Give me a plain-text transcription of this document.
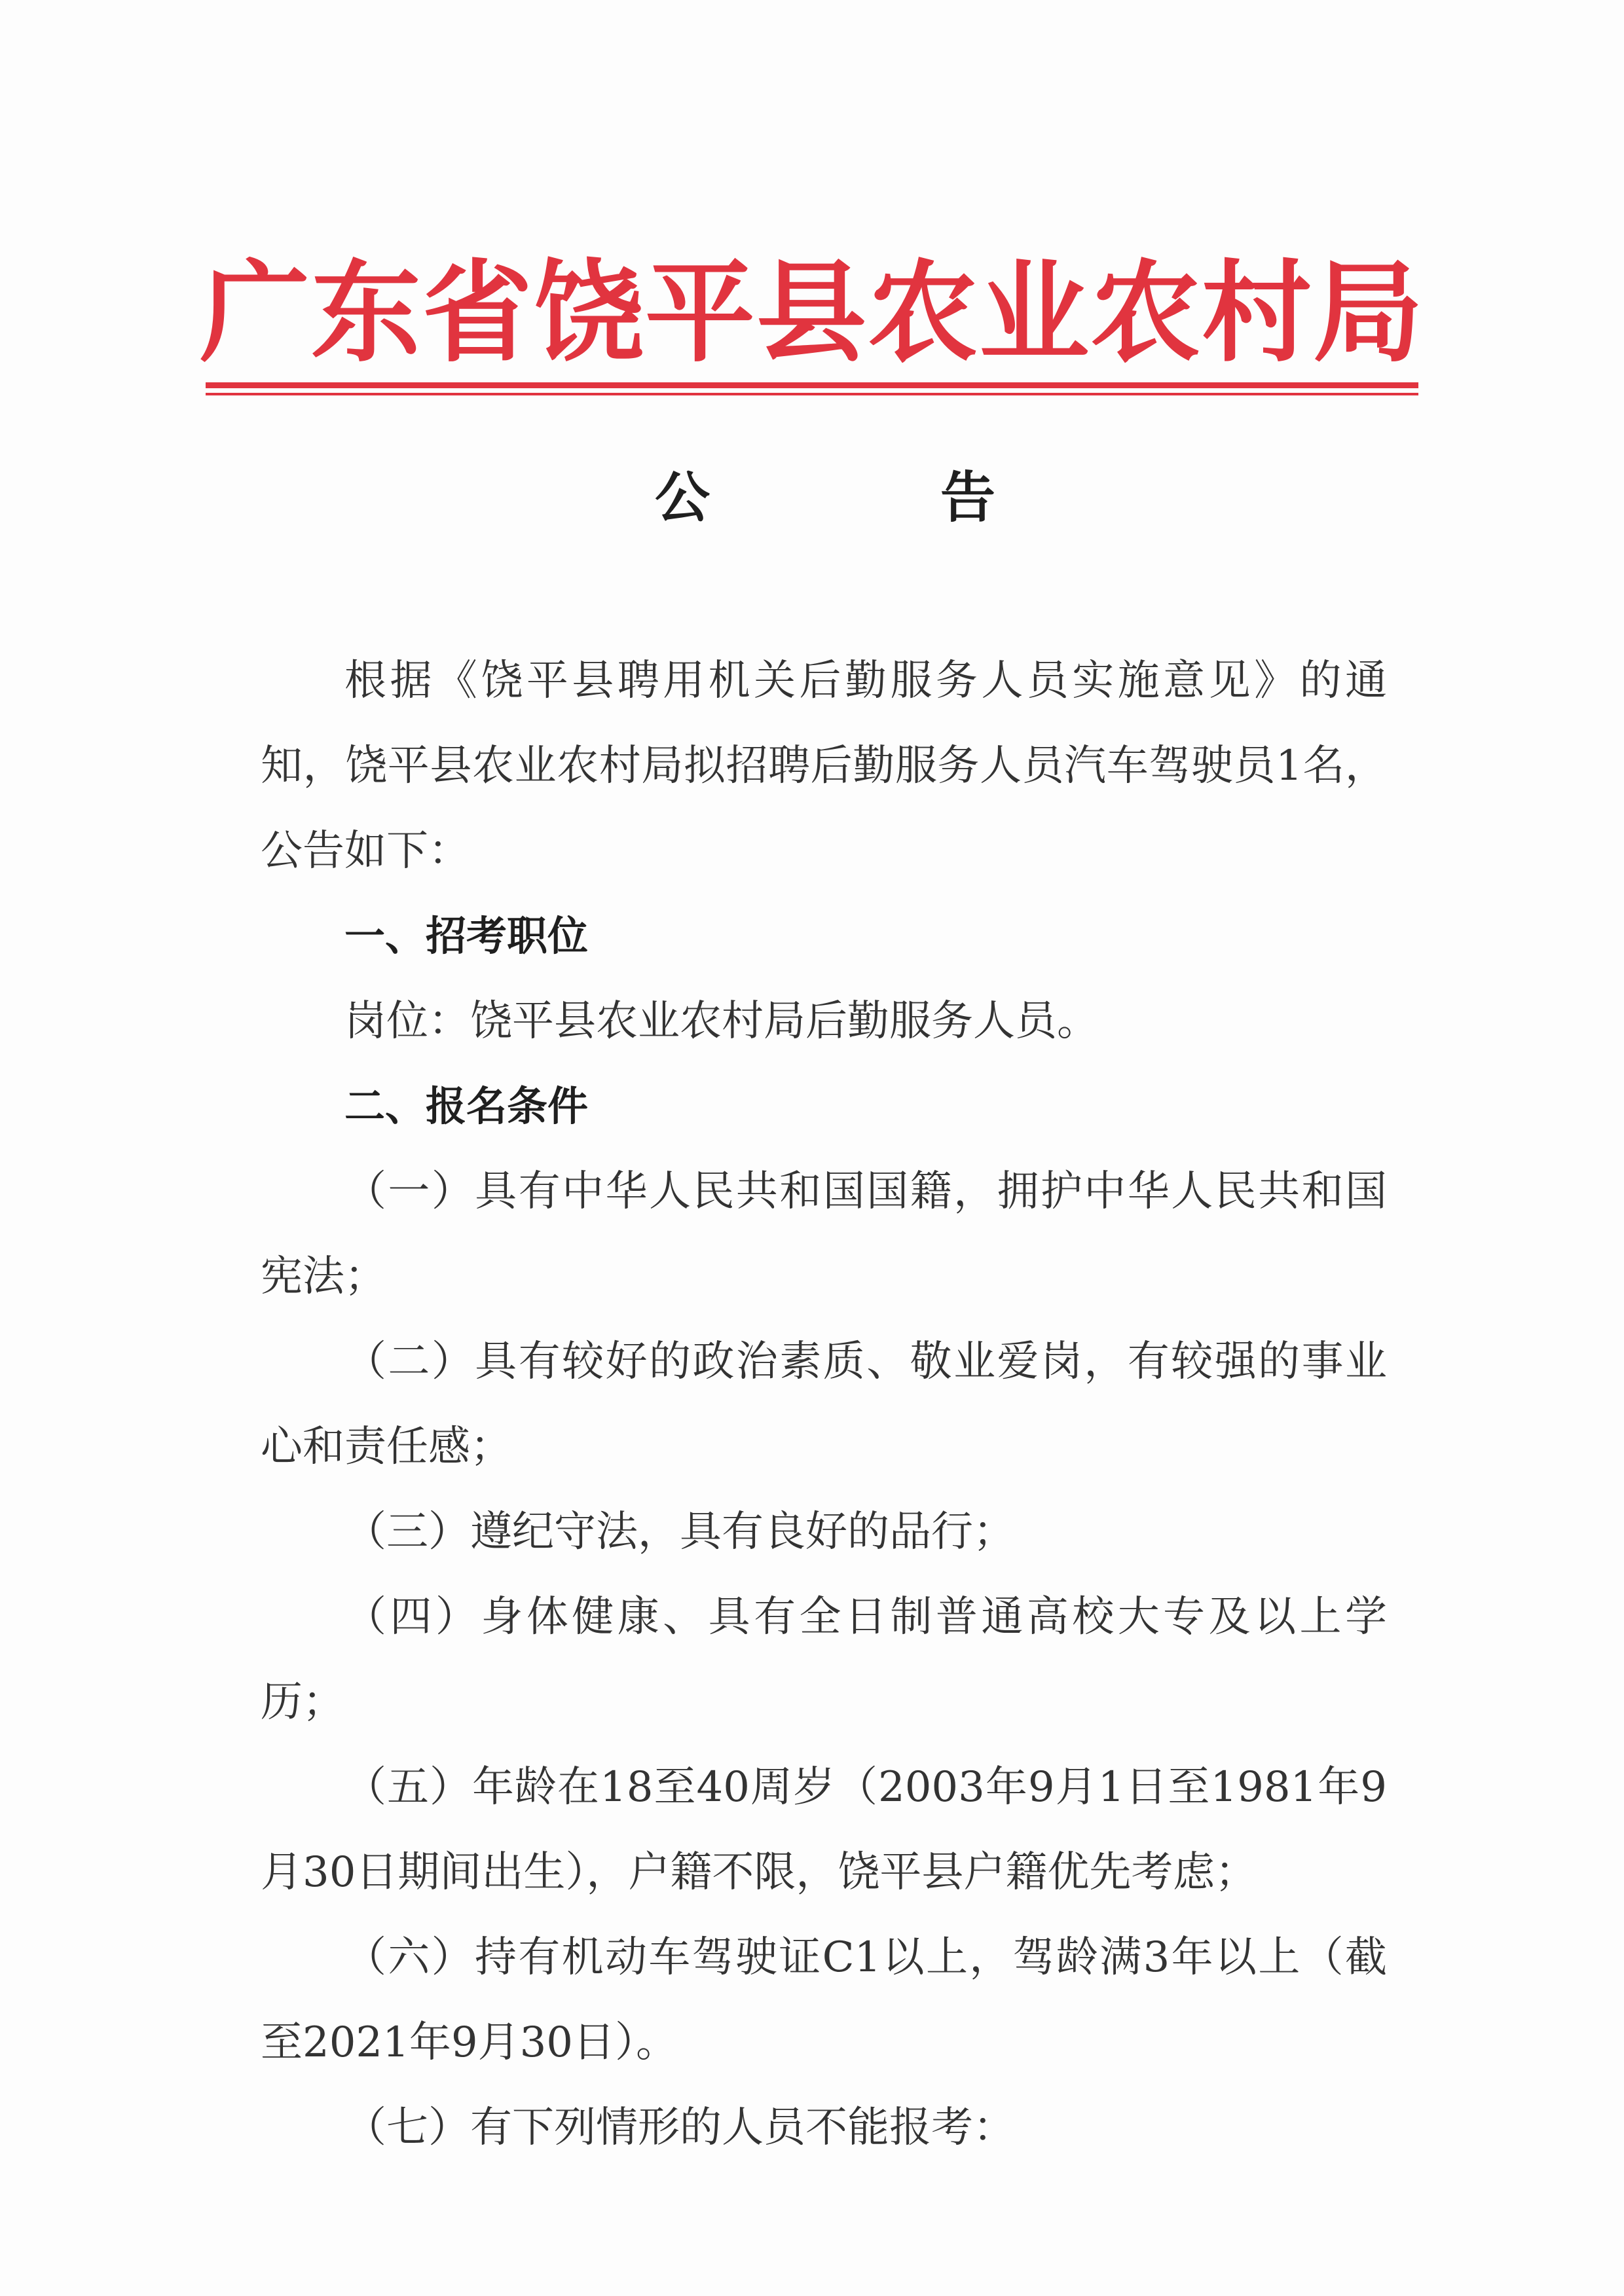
广东省饶平县农业农村局
公	告

根据《饶平县聘用机关后勤服务人员实施意见》的通知，饶平县农业农村局拟招聘后勤服务人员汽车驾驶员1名，公告如下：

一、招考职位

岗位：饶平县农业农村局后勤服务人员。

二、报名条件

（一）具有中华人民共和国国籍，拥护中华人民共和国宪法；

（二）具有较好的政治素质、敬业爱岗，有较强的事业心和责任感；

（三）遵纪守法，具有良好的品行；

（四）身体健康、具有全日制普通高校大专及以上学历；

（五）年龄在18至40周岁（2003年9月1日至1981年9月30日期间出生），户籍不限，饶平县户籍优先考虑；

（六）持有机动车驾驶证C1以上，驾龄满3年以上（截至2021年9月30日）。

（七）有下列情形的人员不能报考：
